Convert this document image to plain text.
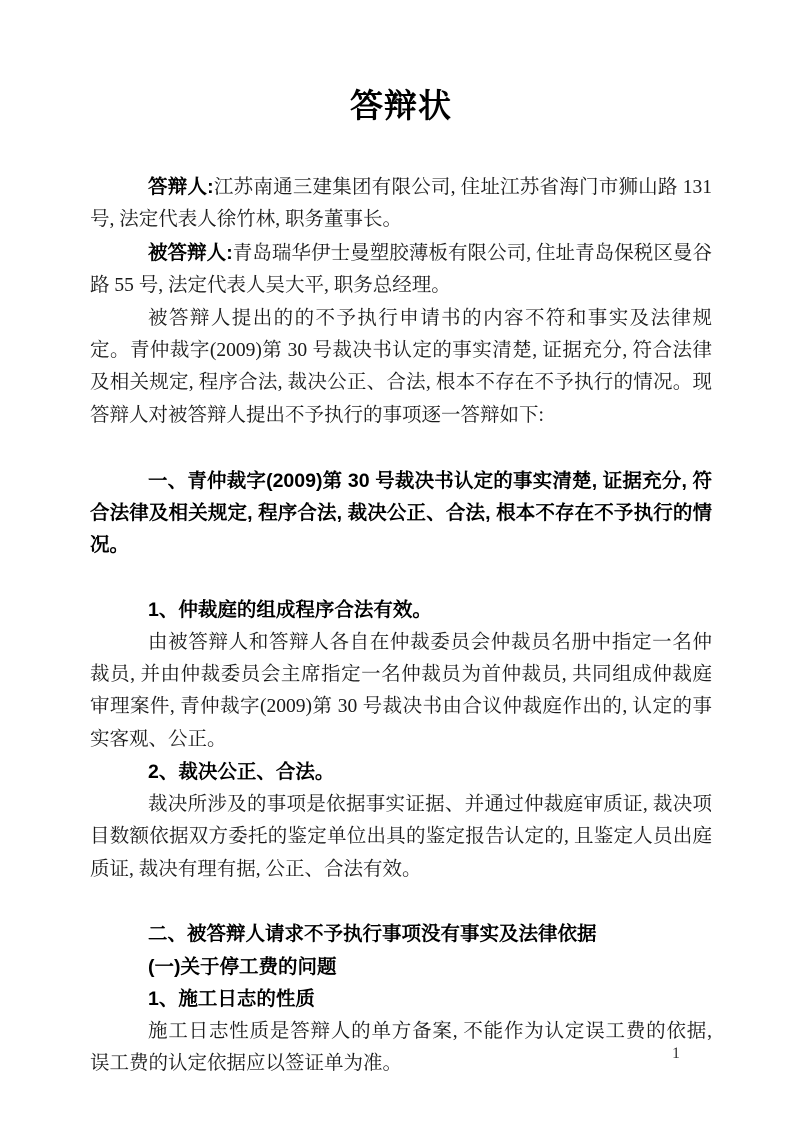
答辩状

答辩人:江苏南通三建集团有限公司, 住址江苏省海门市狮山路 131 号, 法定代表人徐竹林, 职务董事长。

被答辩人:青岛瑞华伊士曼塑胶薄板有限公司, 住址青岛保税区曼谷路 55 号, 法定代表人吴大平, 职务总经理。

被答辩人提出的的不予执行申请书的内容不符和事实及法律规定。青仲裁字(2009)第 30 号裁决书认定的事实清楚, 证据充分, 符合法律及相关规定, 程序合法, 裁决公正、合法, 根本不存在不予执行的情况。现答辩人对被答辩人提出不予执行的事项逐一答辩如下:

一、青仲裁字(2009)第 30 号裁决书认定的事实清楚, 证据充分, 符合法律及相关规定, 程序合法, 裁决公正、合法, 根本不存在不予执行的情况。

1、仲裁庭的组成程序合法有效。

由被答辩人和答辩人各自在仲裁委员会仲裁员名册中指定一名仲裁员, 并由仲裁委员会主席指定一名仲裁员为首仲裁员, 共同组成仲裁庭审理案件, 青仲裁字(2009)第 30 号裁决书由合议仲裁庭作出的, 认定的事实客观、公正。

2、裁决公正、合法。

裁决所涉及的事项是依据事实证据、并通过仲裁庭审质证, 裁决项目数额依据双方委托的鉴定单位出具的鉴定报告认定的, 且鉴定人员出庭质证, 裁决有理有据, 公正、合法有效。

二、被答辩人请求不予执行事项没有事实及法律依据

(一)关于停工费的问题

1、施工日志的性质

施工日志性质是答辩人的单方备案, 不能作为认定误工费的依据, 误工费的认定依据应以签证单为准。	1
